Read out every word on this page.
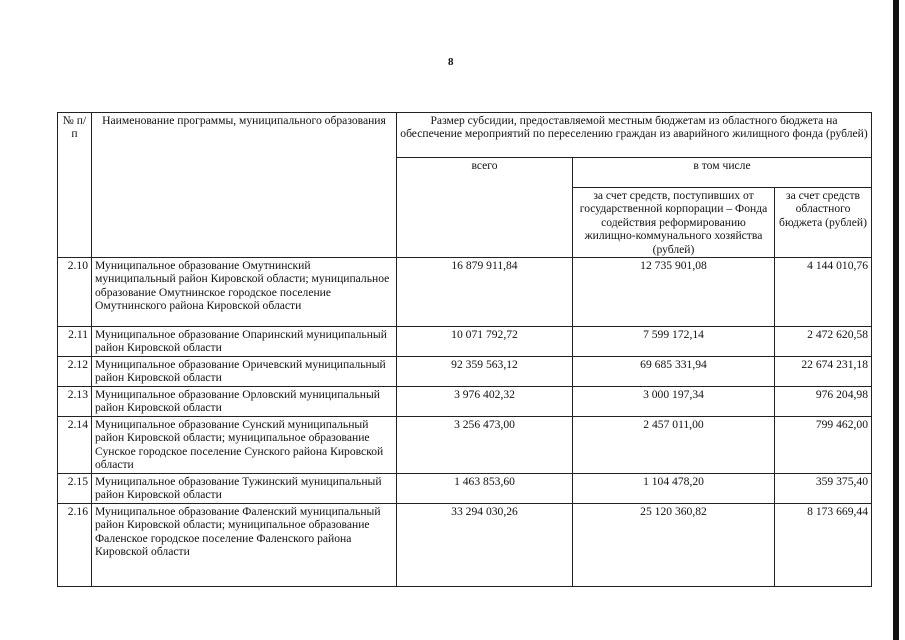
8
№ п/п	Наименование программы, муниципального образования	Размер субсидии, предоставляемой местным бюджетам из областного бюджета на обеспечение мероприятий по переселению граждан из аварийного жилищного фонда (рублей)		
		всего	в том числе	
			за счет средств, поступивших от государственной корпорации – Фонда содействия реформированию жилищно-коммунального хозяйства (рублей)	за счет средств областного бюджета (рублей)
2.10	Муниципальное образование Омутнинский муниципальный район Кировской области; муниципальное образование Омутнинское городское поселение Омутнинского района Кировской области	16 879 911,84	12 735 901,08	4 144 010,76
2.11	Муниципальное образование Опаринский муниципальный район Кировской области	10 071 792,72	7 599 172,14	2 472 620,58
2.12	Муниципальное образование Оричевский муниципальный район Кировской области	92 359 563,12	69 685 331,94	22 674 231,18
2.13	Муниципальное образование Орловский муниципальный район Кировской области	3 976 402,32	3 000 197,34	976 204,98
2.14	Муниципальное образование Сунский муниципальный район Кировской области; муниципальное образование Сунское городское поселение Сунского района Кировской области	3 256 473,00	2 457 011,00	799 462,00
2.15	Муниципальное образование Тужинский муниципальный район Кировской области	1 463 853,60	1 104 478,20	359 375,40
2.16	Муниципальное образование Фаленский муниципальный район Кировской области; муниципальное образование Фаленское городское поселение Фаленского района Кировской области	33 294 030,26	25 120 360,82	8 173 669,44
